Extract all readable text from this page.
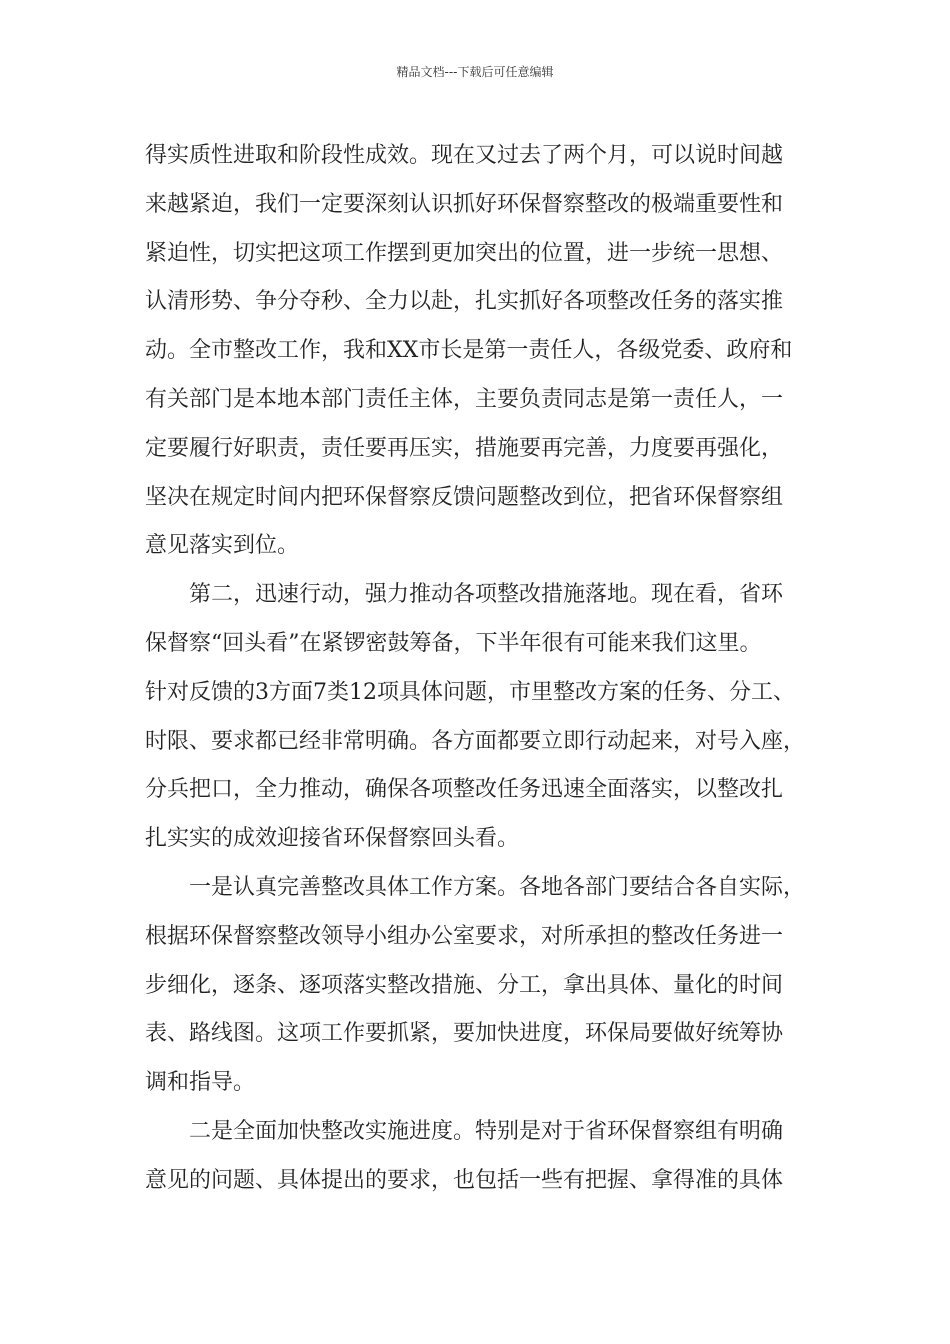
精品文档---下载后可任意编辑
得实质性进取和阶段性成效。现在又过去了两个月，可以说时间越
来越紧迫，我们一定要深刻认识抓好环保督察整改的极端重要性和
紧迫性，切实把这项工作摆到更加突出的位置，进一步统一思想、
认清形势、争分夺秒、全力以赴，扎实抓好各项整改任务的落实推
动。全市整改工作，我和XX市长是第一责任人，各级党委、政府和
有关部门是本地本部门责任主体，主要负责同志是第一责任人，一
定要履行好职责，责任要再压实，措施要再完善，力度要再强化，
坚决在规定时间内把环保督察反馈问题整改到位，把省环保督察组
意见落实到位。
第二，迅速行动，强力推动各项整改措施落地。现在看，省环
保督察“回头看”在紧锣密鼓筹备，下半年很有可能来我们这里。
针对反馈的3方面7类12项具体问题，市里整改方案的任务、分工、
时限、要求都已经非常明确。各方面都要立即行动起来，对号入座，
分兵把口，全力推动，确保各项整改任务迅速全面落实，以整改扎
扎实实的成效迎接省环保督察回头看。
一是认真完善整改具体工作方案。各地各部门要结合各自实际，
根据环保督察整改领导小组办公室要求，对所承担的整改任务进一
步细化，逐条、逐项落实整改措施、分工，拿出具体、量化的时间
表、路线图。这项工作要抓紧，要加快进度，环保局要做好统筹协
调和指导。
二是全面加快整改实施进度。特别是对于省环保督察组有明确
意见的问题、具体提出的要求，也包括一些有把握、拿得准的具体
